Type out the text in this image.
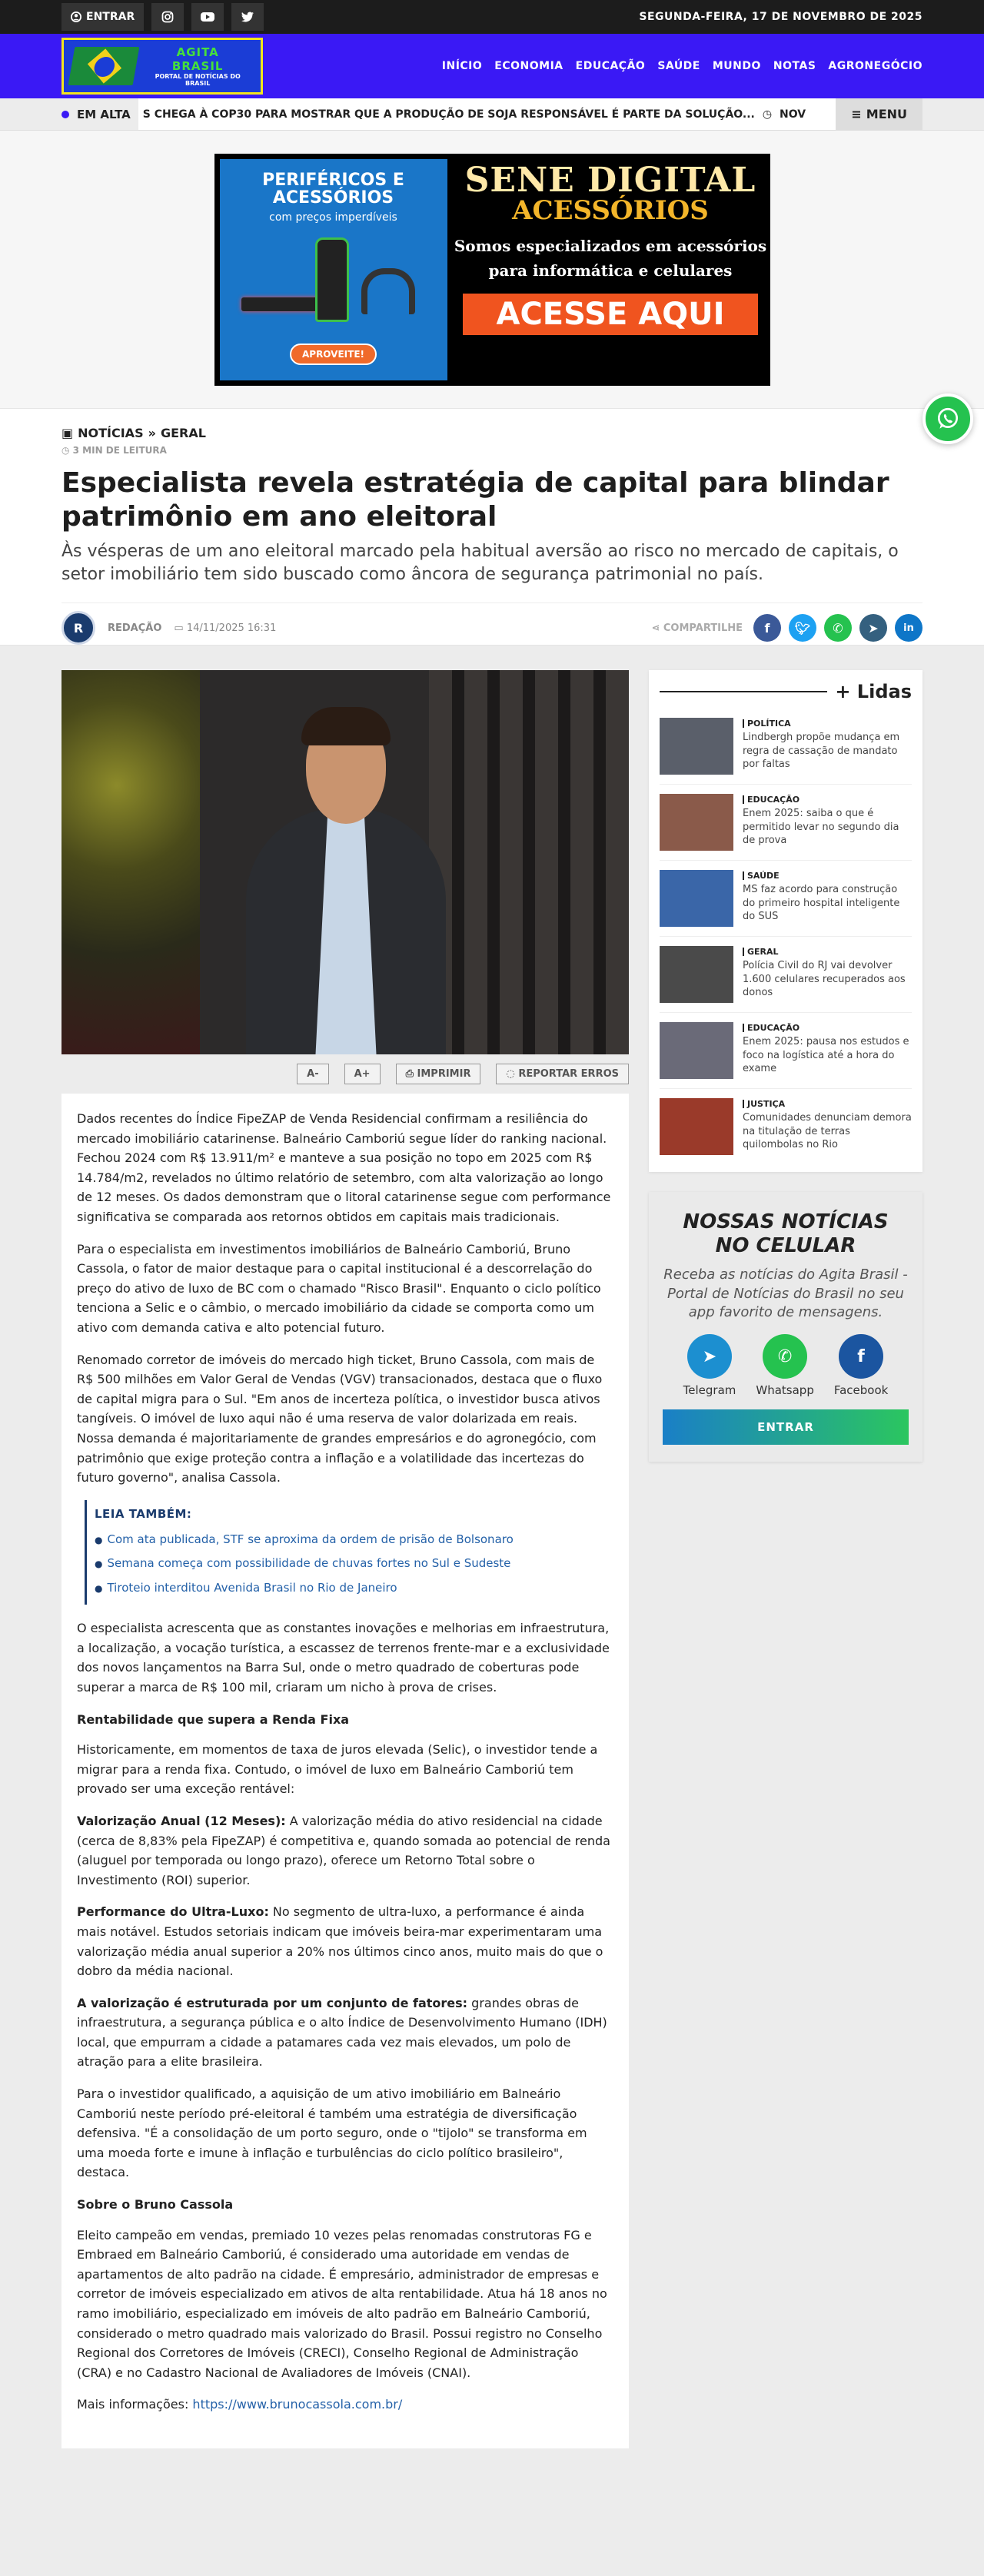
ENTRAR	SEGUNDA-FEIRA, 17 DE NOVEMBRO DE 2025
AGITA
BRASIL
PORTAL DE NOTÍCIAS DO BRASIL
INÍCIO ECONOMIA EDUCAÇÃO SAÚDE MUNDO NOTAS AGRONEGÓCIO
EM ALTA S CHEGA À COP30 PARA MOSTRAR QUE A PRODUÇÃO DE SOJA RESPONSÁVEL É PARTE DA SOLUÇÃO... ◷ NOV	≡ MENU
PERIFÉRICOS E ACESSÓRIOS
com preços imperdíveis
APROVEITE!
SENE DIGITAL
ACESSÓRIOS
Somos especializados em acessórios para informática e celulares
ACESSE AQUI
▣ NOTÍCIAS » GERAL
◷ 3 MIN DE LEITURA
Especialista revela estratégia de capital para blindar patrimônio em ano eleitoral

Às vésperas de um ano eleitoral marcado pela habitual aversão ao risco no mercado de capitais, o setor imobiliário tem sido buscado como âncora de segurança patrimonial no país.

R	REDAÇÃO ▭ 14/11/2025 16:31	⋖ COMPARTILHE f 🐦︎ ✆ ➤ in
A-	A+	⎙ IMPRIMIR	◌ REPORTAR ERROS

Dados recentes do Índice FipeZAP de Venda Residencial confirmam a resiliência do mercado imobiliário catarinense. Balneário Camboriú segue líder do ranking nacional. Fechou 2024 com R$ 13.911/m² e manteve a sua posição no topo em 2025 com R$ 14.784/m2, revelados no último relatório de setembro, com alta valorização ao longo de 12 meses. Os dados demonstram que o litoral catarinense segue com performance significativa se comparada aos retornos obtidos em capitais mais tradicionais.

Para o especialista em investimentos imobiliários de Balneário Camboriú, Bruno Cassola, o fator de maior destaque para o capital institucional é a descorrelação do preço do ativo de luxo de BC com o chamado "Risco Brasil". Enquanto o ciclo político tenciona a Selic e o câmbio, o mercado imobiliário da cidade se comporta como um ativo com demanda cativa e alto potencial futuro.

Renomado corretor de imóveis do mercado high ticket, Bruno Cassola, com mais de R$ 500 milhões em Valor Geral de Vendas (VGV) transacionados, destaca que o fluxo de capital migra para o Sul. "Em anos de incerteza política, o investidor busca ativos tangíveis. O imóvel de luxo aqui não é uma reserva de valor dolarizada em reais. Nossa demanda é majoritariamente de grandes empresários e do agronegócio, com patrimônio que exige proteção contra a inflação e a volatilidade das incertezas do futuro governo", analisa Cassola.

LEIA TAMBÉM:
● Com ata publicada, STF se aproxima da ordem de prisão de Bolsonaro
● Semana começa com possibilidade de chuvas fortes no Sul e Sudeste
● Tiroteio interditou Avenida Brasil no Rio de Janeiro

O especialista acrescenta que as constantes inovações e melhorias em infraestrutura, a localização, a vocação turística, a escassez de terrenos frente-mar e a exclusividade dos novos lançamentos na Barra Sul, onde o metro quadrado de coberturas pode superar a marca de R$ 100 mil, criaram um nicho à prova de crises.

Rentabilidade que supera a Renda Fixa

Historicamente, em momentos de taxa de juros elevada (Selic), o investidor tende a migrar para a renda fixa. Contudo, o imóvel de luxo em Balneário Camboriú tem provado ser uma exceção rentável:

Valorização Anual (12 Meses): A valorização média do ativo residencial na cidade (cerca de 8,83% pela FipeZAP) é competitiva e, quando somada ao potencial de renda (aluguel por temporada ou longo prazo), oferece um Retorno Total sobre o Investimento (ROI) superior.

Performance do Ultra-Luxo: No segmento de ultra-luxo, a performance é ainda mais notável. Estudos setoriais indicam que imóveis beira-mar experimentaram uma valorização média anual superior a 20% nos últimos cinco anos, muito mais do que o dobro da média nacional.

A valorização é estruturada por um conjunto de fatores: grandes obras de infraestrutura, a segurança pública e o alto Índice de Desenvolvimento Humano (IDH) local, que empurram a cidade a patamares cada vez mais elevados, um polo de atração para a elite brasileira.

Para o investidor qualificado, a aquisição de um ativo imobiliário em Balneário Camboriú neste período pré-eleitoral é também uma estratégia de diversificação defensiva. "É a consolidação de um porto seguro, onde o "tijolo" se transforma em uma moeda forte e imune à inflação e turbulências do ciclo político brasileiro", destaca.

Sobre o Bruno Cassola

Eleito campeão em vendas, premiado 10 vezes pelas renomadas construtoras FG e Embraed em Balneário Camboriú, é considerado uma autoridade em vendas de apartamentos de alto padrão na cidade. É empresário, administrador de empresas e corretor de imóveis especializado em ativos de alta rentabilidade. Atua há 18 anos no ramo imobiliário, especializado em imóveis de alto padrão em Balneário Camboriú, considerado o metro quadrado mais valorizado do Brasil. Possui registro no Conselho Regional dos Corretores de Imóveis (CRECI), Conselho Regional de Administração (CRA) e no Cadastro Nacional de Avaliadores de Imóveis (CNAI).

Mais informações: https://www.brunocassola.com.br/

+ Lidas
POLÍTICA
Lindbergh propõe mudança em regra de cassação de mandato por faltas
EDUCAÇÃO
Enem 2025: saiba o que é permitido levar no segundo dia de prova
SAÚDE
MS faz acordo para construção do primeiro hospital inteligente do SUS
GERAL
Polícia Civil do RJ vai devolver 1.600 celulares recuperados aos donos
EDUCAÇÃO
Enem 2025: pausa nos estudos e foco na logística até a hora do exame
JUSTIÇA
Comunidades denunciam demora na titulação de terras quilombolas no Rio
NOSSAS NOTÍCIAS NO CELULAR
Receba as notícias do Agita Brasil - Portal de Notícias do Brasil no seu app favorito de mensagens.
➤
Telegram
✆
Whatsapp
f
Facebook
ENTRAR
